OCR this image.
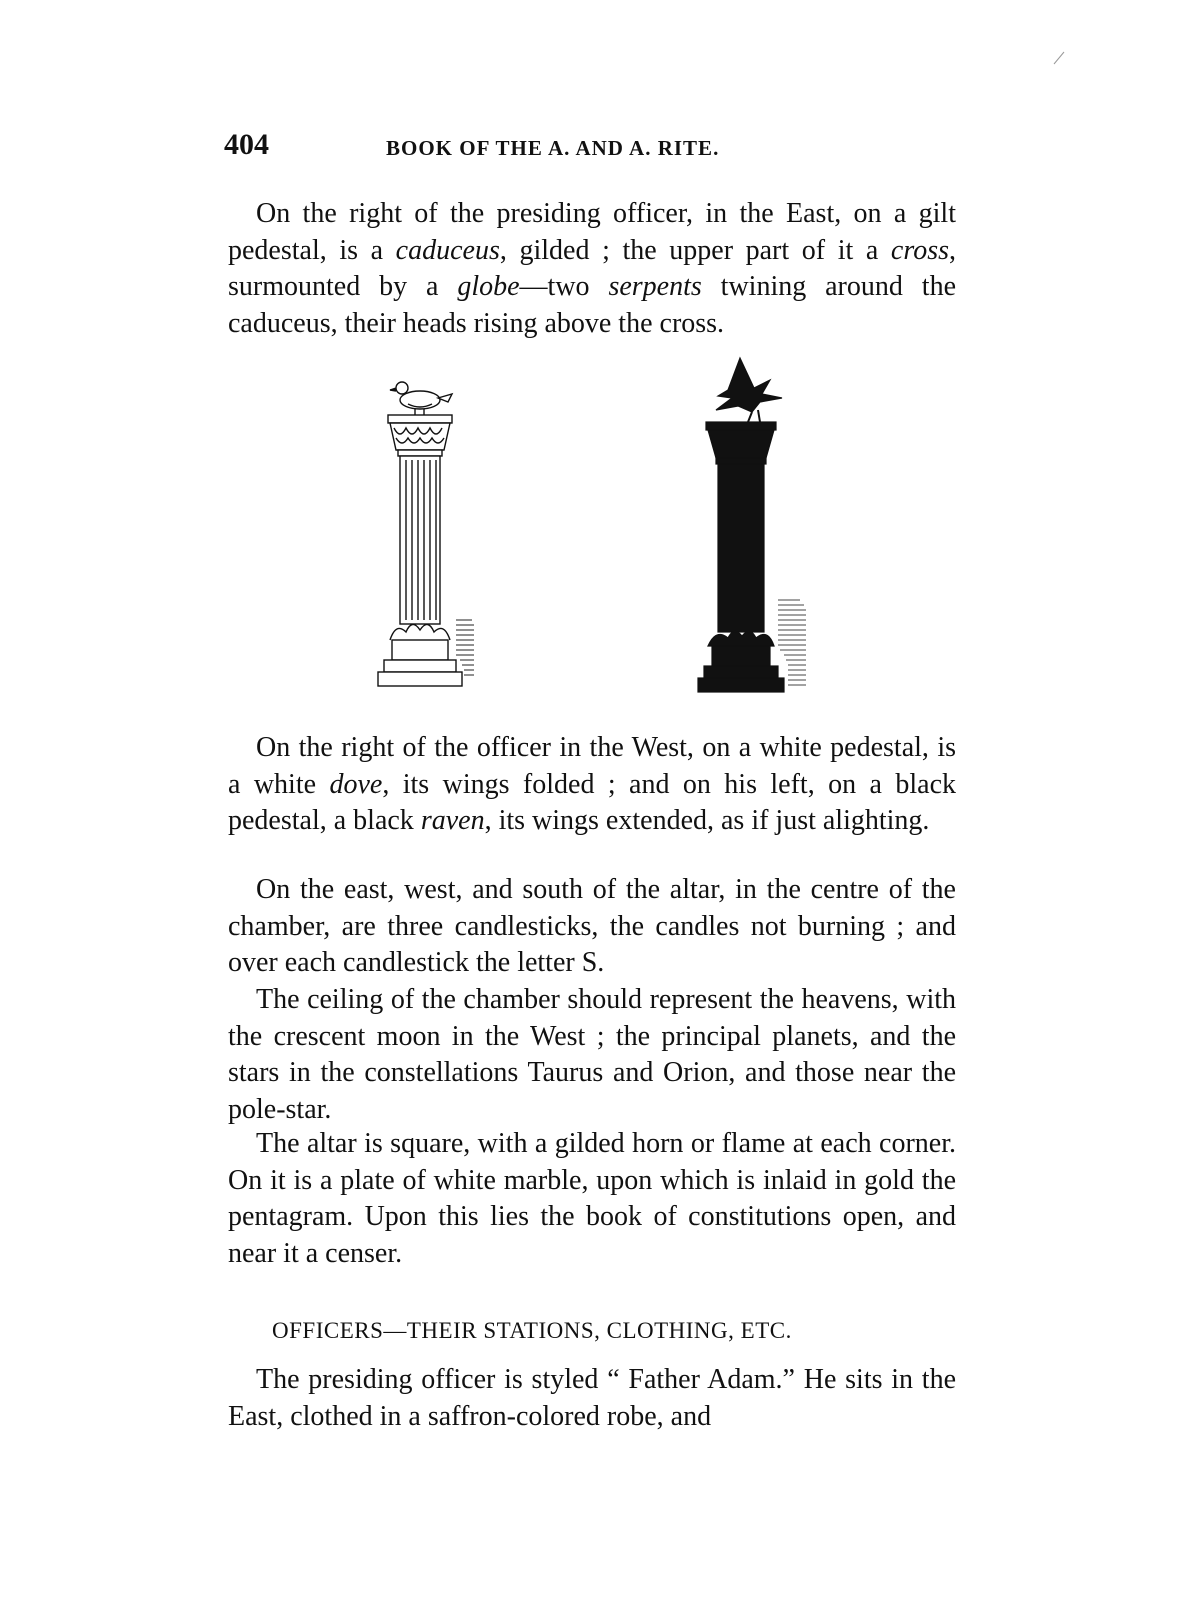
404	BOOK OF THE A. AND A. RITE.

On the right of the presiding officer, in the East, on a gilt pedestal, is a caduceus, gilded ; the upper part of it a cross, surmounted by a globe—two serpents twining around the caduceus, their heads rising above the cross.

On the right of the officer in the West, on a white pedestal, is a white dove, its wings folded ; and on his left, on a black pedestal, a black raven, its wings extended, as if just alighting.

On the east, west, and south of the altar, in the centre of the chamber, are three candlesticks, the candles not burning ; and over each candlestick the letter S.

The ceiling of the chamber should represent the heavens, with the crescent moon in the West ; the principal planets, and the stars in the constellations Taurus and Orion, and those near the pole-star.

The altar is square, with a gilded horn or flame at each corner. On it is a plate of white marble, upon which is inlaid in gold the pentagram. Upon this lies the book of constitutions open, and near it a censer.

OFFICERS—THEIR STATIONS, CLOTHING, ETC.

The presiding officer is styled “ Father Adam.” He sits in the East, clothed in a saffron-colored robe, and
